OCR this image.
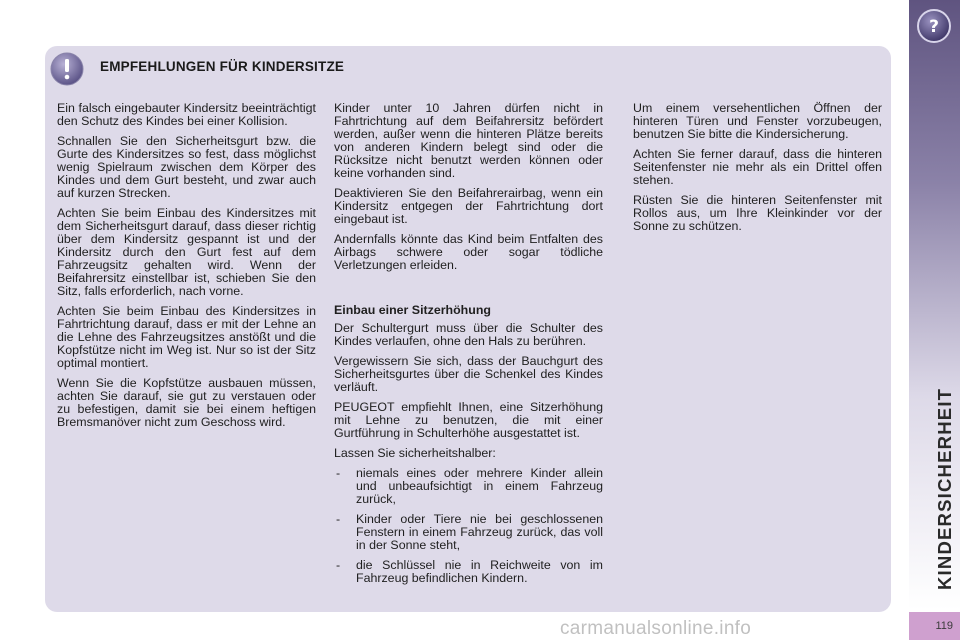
EMPFEHLUNGEN FÜR KINDERSITZE

Ein falsch eingebauter Kindersitz beeinträchtigt den Schutz des Kindes bei einer Kollision.

Schnallen Sie den Sicherheitsgurt bzw. die Gurte des Kindersitzes so fest, dass möglichst wenig Spielraum zwischen dem Körper des Kindes und dem Gurt besteht, und zwar auch auf kurzen Strecken.

Achten Sie beim Einbau des Kindersitzes mit dem Sicherheitsgurt darauf, dass dieser richtig über dem Kindersitz gespannt ist und der Kindersitz durch den Gurt fest auf dem Fahrzeugsitz gehalten wird. Wenn der Beifahrersitz einstellbar ist, schieben Sie den Sitz, falls erforderlich, nach vorne.

Achten Sie beim Einbau des Kindersitzes in Fahrtrichtung darauf, dass er mit der Lehne an die Lehne des Fahrzeugsitzes anstößt und die Kopfstütze nicht im Weg ist. Nur so ist der Sitz optimal montiert.

Wenn Sie die Kopfstütze ausbauen müssen, achten Sie darauf, sie gut zu verstauen oder zu befestigen, damit sie bei einem heftigen Bremsmanöver nicht zum Geschoss wird.

Kinder unter 10 Jahren dürfen nicht in Fahrtrichtung auf dem Beifahrersitz befördert werden, außer wenn die hinteren Plätze bereits von anderen Kindern belegt sind oder die Rücksitze nicht benutzt werden können oder keine vorhanden sind.

Deaktivieren Sie den Beifahrerairbag, wenn ein Kindersitz entgegen der Fahrtrichtung dort eingebaut ist.

Andernfalls könnte das Kind beim Entfalten des Airbags schwere oder sogar tödliche Verletzungen erleiden.

Einbau einer Sitzerhöhung

Der Schultergurt muss über die Schulter des Kindes verlaufen, ohne den Hals zu berühren.

Vergewissern Sie sich, dass der Bauchgurt des Sicherheitsgurtes über die Schenkel des Kindes verläuft.

PEUGEOT empfiehlt Ihnen, eine Sitzerhöhung mit Lehne zu benutzen, die mit einer Gurtführung in Schulterhöhe ausgestattet ist.

Lassen Sie sicherheitshalber:

- niemals eines oder mehrere Kinder allein und unbeaufsichtigt in einem Fahrzeug zurück,
- Kinder oder Tiere nie bei geschlossenen Fenstern in einem Fahrzeug zurück, das voll in der Sonne steht,
- die Schlüssel nie in Reichweite von im Fahrzeug befindlichen Kindern.

Um einem versehentlichen Öffnen der hinteren Türen und Fenster vorzubeugen, benutzen Sie bitte die Kindersicherung.

Achten Sie ferner darauf, dass die hinteren Seitenfenster nie mehr als ein Drittel offen stehen.

Rüsten Sie die hinteren Seitenfenster mit Rollos aus, um Ihre Kleinkinder vor der Sonne zu schützen.

?
KINDERSICHERHEIT
119
carmanualsonline.info
